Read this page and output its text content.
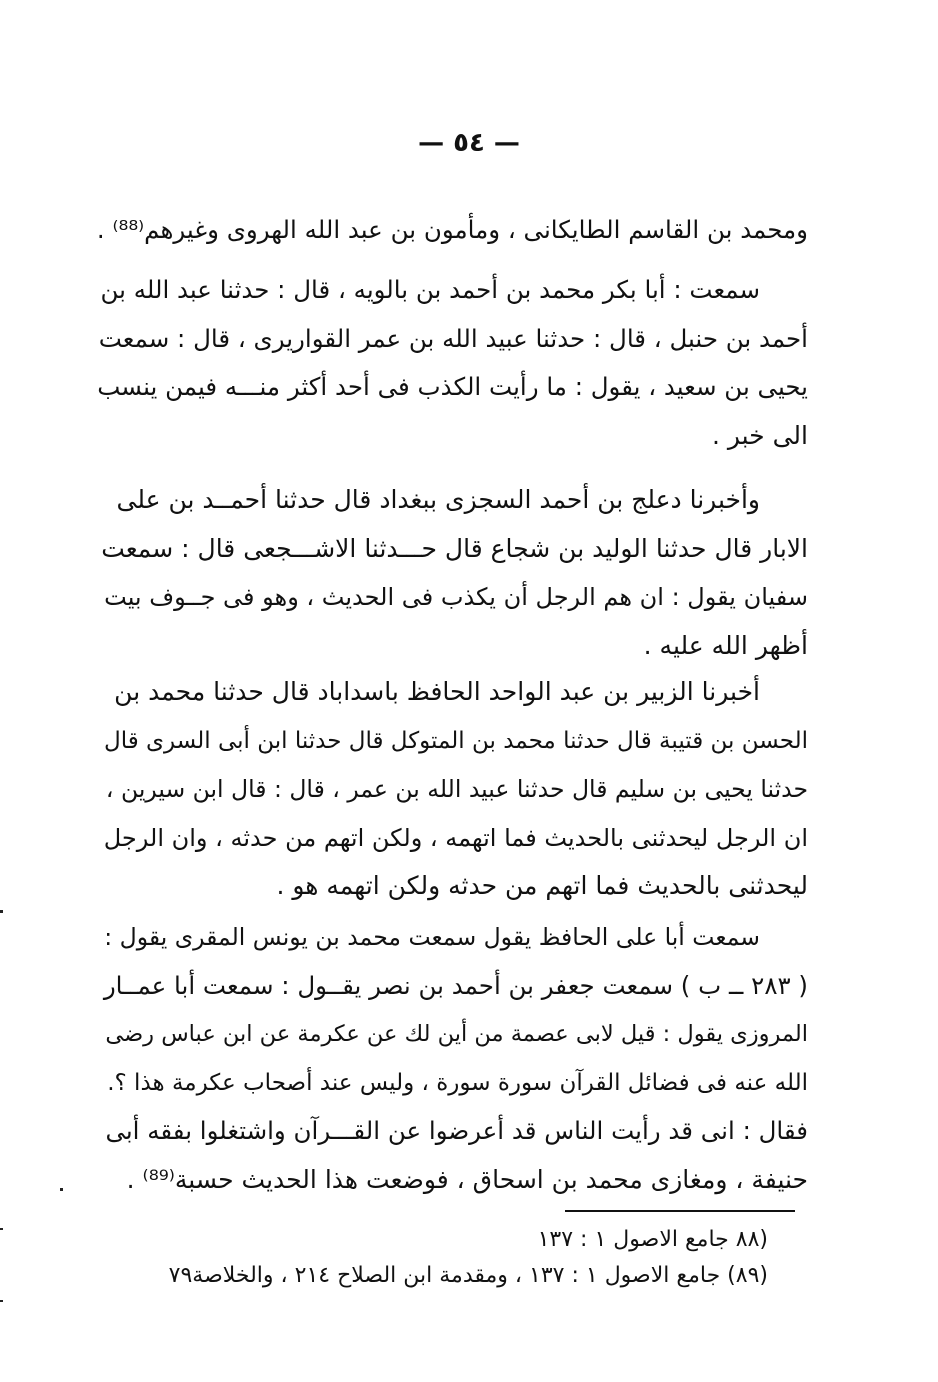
— ٥٤ —
ومحمد بن القاسم الطايكانى ، ومأمون بن عبد الله الهروى وغيرهم⁽⁸⁸⁾ .
سمعت : أبا بكر محمد بن أحمد بن بالويه ، قال : حدثنا عبد الله بن
أحمد بن حنبل ، قال : حدثنا عبيد الله بن عمر القواريرى ، قال : سمعت
يحيى بن سعيد ، يقول : ما رأيت الكذب فى أحد أكثر منـــه فيمن ينسب
الى خبر .
وأخبرنا دعلج بن أحمد السجزى ببغداد قال حدثنا أحمــد بن على
الابار قال حدثنا الوليد بن شجاع قال حـــدثنا الاشـــجعى قال : سمعت
سفيان يقول : ان هم الرجل أن يكذب فى الحديث ، وهو فى جــوف بيت
أظهر الله عليه .
أخبرنا الزبير بن عبد الواحد الحافظ باسداباد قال حدثنا محمد بن
الحسن بن قتيبة قال حدثنا محمد بن المتوكل قال حدثنا ابن أبى السرى قال
حدثنا يحيى بن سليم قال حدثنا عبيد الله بن عمر ، قال : قال ابن سيرين ،
ان الرجل ليحدثنى بالحديث فما اتهمه ، ولكن اتهم من حدثه ، وان الرجل
ليحدثنى بالحديث فما اتهم من حدثه ولكن اتهمه هو .
سمعت أبا على الحافظ يقول سمعت محمد بن يونس المقرى يقول :
( ٢٨٣ ــ ب ) سمعت جعفر بن أحمد بن نصر يقــول : سمعت أبا عمــار
المروزى يقول : قيل لابى عصمة من أين لك عن عكرمة عن ابن عباس رضى
الله عنه فى فضائل القرآن سورة سورة ، وليس عند أصحاب عكرمة هذا ؟.
فقال : انى قد رأيت الناس قد أعرضوا عن القـــرآن واشتغلوا بفقه أبى
حنيفة ، ومغازى محمد بن اسحاق ، فوضعت هذا الحديث حسبة⁽⁸⁹⁾ .
(٨٨ جامع الاصول ١ : ١٣٧
(٨٩) جامع الاصول ١ : ١٣٧ ، ومقدمة ابن الصلاح ٢١٤ ، والخلاصة٧٩
